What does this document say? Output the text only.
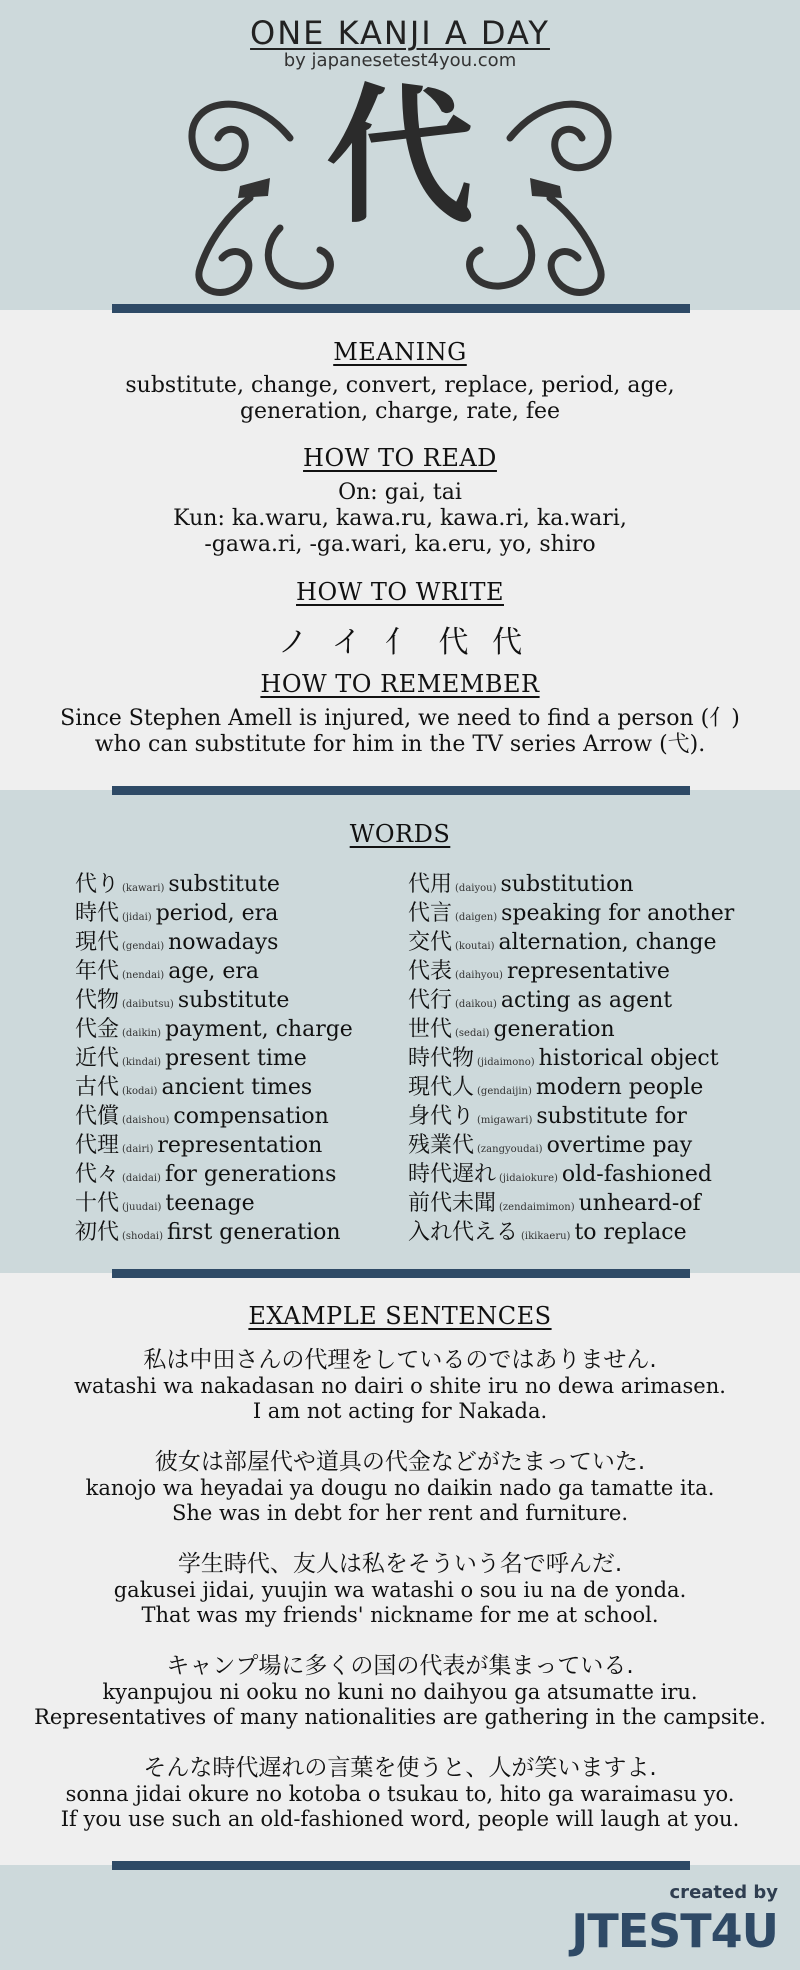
ONE KANJI A DAY
by japanesetest4you.com
代
MEANING
substitute, change, convert, replace, period, age,
generation, charge, rate, fee
HOW TO READ
On: gai, tai
Kun: ka.waru, kawa.ru, kawa.ri, ka.wari,
-gawa.ri, -ga.wari, ka.eru, yo, shiro
HOW TO WRITE
ノ イ 亻 代 代
HOW TO REMEMBER
Since Stephen Amell is injured, we need to find a person (亻)
who can substitute for him in the TV series Arrow (弋).
WORDS
代り (kawari) substitute
時代 (jidai) period, era
現代 (gendai) nowadays
年代 (nendai) age, era
代物 (daibutsu) substitute
代金 (daikin) payment, charge
近代 (kindai) present time
古代 (kodai) ancient times
代償 (daishou) compensation
代理 (dairi) representation
代々 (daidai) for generations
十代 (juudai) teenage
初代 (shodai) first generation
代用 (daiyou) substitution
代言 (daigen) speaking for another
交代 (koutai) alternation, change
代表 (daihyou) representative
代行 (daikou) acting as agent
世代 (sedai) generation
時代物 (jidaimono) historical object
現代人 (gendaijin) modern people
身代り (migawari) substitute for
残業代 (zangyoudai) overtime pay
時代遅れ (jidaiokure) old-fashioned
前代未聞 (zendaimimon) unheard-of
入れ代える (ikikaeru) to replace
EXAMPLE SENTENCES
私は中田さんの代理をしているのではありません.
watashi wa nakadasan no dairi o shite iru no dewa arimasen.
I am not acting for Nakada.
彼女は部屋代や道具の代金などがたまっていた.
kanojo wa heyadai ya dougu no daikin nado ga tamatte ita.
She was in debt for her rent and furniture.
学生時代、友人は私をそういう名で呼んだ.
gakusei jidai, yuujin wa watashi o sou iu na de yonda.
That was my friends' nickname for me at school.
キャンプ場に多くの国の代表が集まっている.
kyanpujou ni ooku no kuni no daihyou ga atsumatte iru.
Representatives of many nationalities are gathering in the campsite.
そんな時代遅れの言葉を使うと、人が笑いますよ.
sonna jidai okure no kotoba o tsukau to, hito ga waraimasu yo.
If you use such an old-fashioned word, people will laugh at you.
created by
JTEST4U
